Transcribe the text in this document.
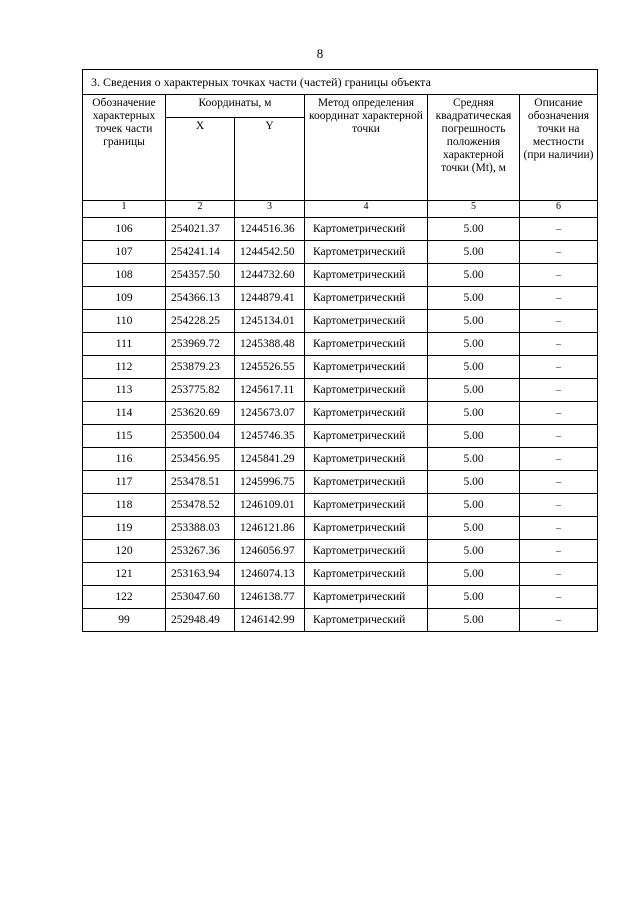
8
3. Сведения о характерных точках части (частей) границы объекта					
Обозначение характерных точек части границы	Координаты, м		Метод определения координат характерной точки	Средняя квадратическая погрешность положения характерной точки (Mt), м	Описание обозначения точки на местности (при наличии)
	X	Y			
1	2	3	4	5	6
106	254021.37	1244516.36	Картометрический	5.00	–
107	254241.14	1244542.50	Картометрический	5.00	–
108	254357.50	1244732.60	Картометрический	5.00	–
109	254366.13	1244879.41	Картометрический	5.00	–
110	254228.25	1245134.01	Картометрический	5.00	–
111	253969.72	1245388.48	Картометрический	5.00	–
112	253879.23	1245526.55	Картометрический	5.00	–
113	253775.82	1245617.11	Картометрический	5.00	–
114	253620.69	1245673.07	Картометрический	5.00	–
115	253500.04	1245746.35	Картометрический	5.00	–
116	253456.95	1245841.29	Картометрический	5.00	–
117	253478.51	1245996.75	Картометрический	5.00	–
118	253478.52	1246109.01	Картометрический	5.00	–
119	253388.03	1246121.86	Картометрический	5.00	–
120	253267.36	1246056.97	Картометрический	5.00	–
121	253163.94	1246074.13	Картометрический	5.00	–
122	253047.60	1246138.77	Картометрический	5.00	–
99	252948.49	1246142.99	Картометрический	5.00	–
